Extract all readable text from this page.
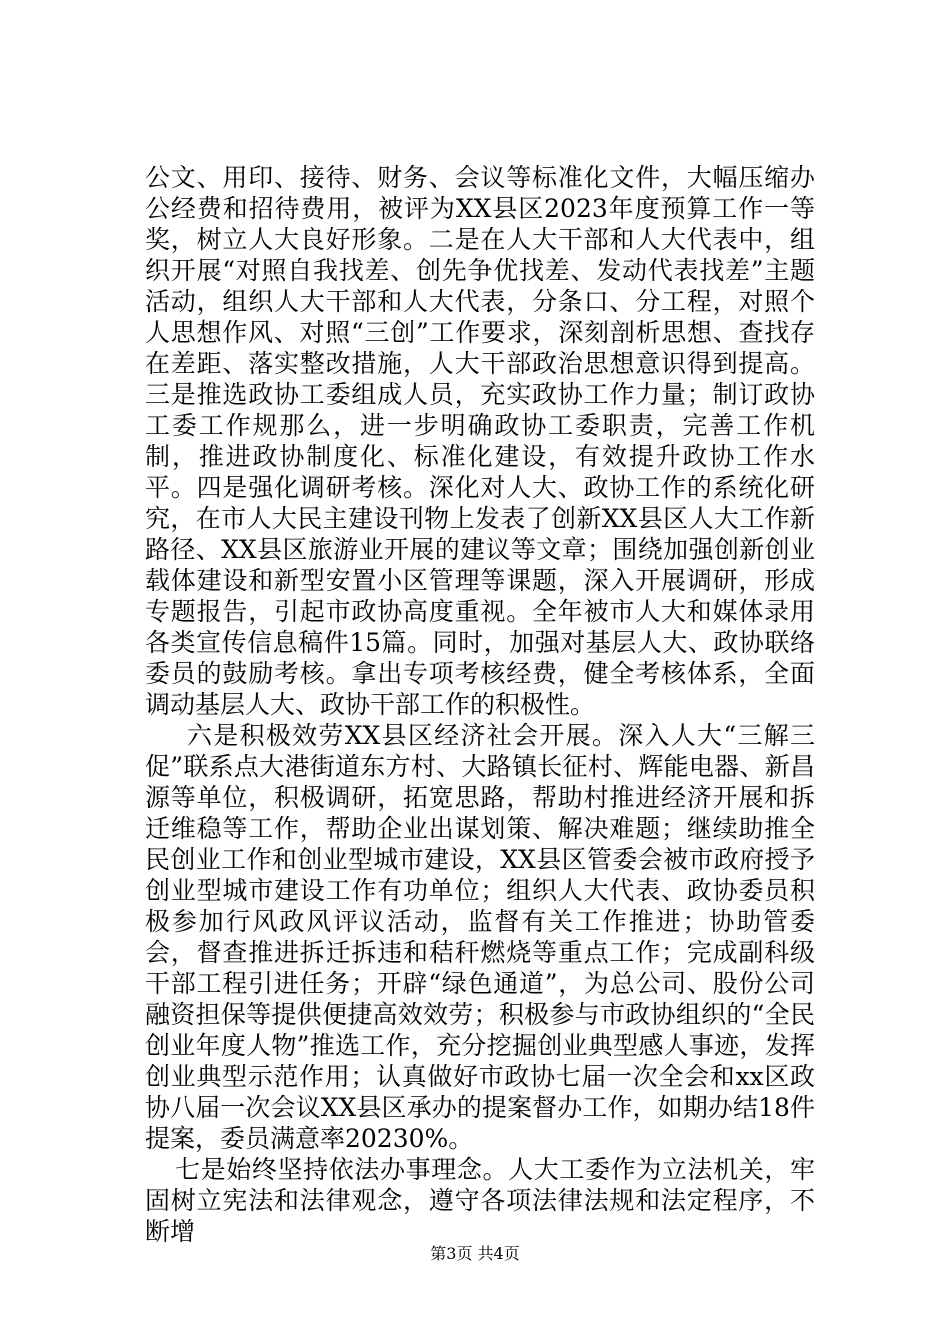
公文、用印、接待、财务、会议等标准化文件，大幅压缩办公经费和招待费用，被评为XX县区2023年度预算工作一等奖，树立人大良好形象。二是在人大干部和人大代表中，组织开展“对照自我找差、创先争优找差、发动代表找差”主题活动，组织人大干部和人大代表，分条口、分工程，对照个人思想作风、对照“三创”工作要求，深刻剖析思想、查找存在差距、落实整改措施，人大干部政治思想意识得到提高。三是推选政协工委组成人员，充实政协工作力量；制订政协工委工作规那么，进一步明确政协工委职责，完善工作机制，推进政协制度化、标准化建设，有效提升政协工作水平。四是强化调研考核。深化对人大、政协工作的系统化研究，在市人大民主建设刊物上发表了创新XX县区人大工作新路径、XX县区旅游业开展的建议等文章；围绕加强创新创业载体建设和新型安置小区管理等课题，深入开展调研，形成专题报告，引起市政协高度重视。全年被市人大和媒体录用各类宣传信息稿件15篇。同时，加强对基层人大、政协联络委员的鼓励考核。拿出专项考核经费，健全考核体系，全面调动基层人大、政协干部工作的积极性。

六是积极效劳XX县区经济社会开展。深入人大“三解三促”联系点大港街道东方村、大路镇长征村、辉能电器、新昌源等单位，积极调研，拓宽思路，帮助村推进经济开展和拆迁维稳等工作，帮助企业出谋划策、解决难题；继续助推全民创业工作和创业型城市建设，XX县区管委会被市政府授予创业型城市建设工作有功单位；组织人大代表、政协委员积极参加行风政风评议活动，监督有关工作推进；协助管委会，督查推进拆迁拆违和秸秆燃烧等重点工作；完成副科级干部工程引进任务；开辟“绿色通道”，为总公司、股份公司融资担保等提供便捷高效效劳；积极参与市政协组织的“全民创业年度人物”推选工作，充分挖掘创业典型感人事迹，发挥创业典型示范作用；认真做好市政协七届一次全会和xx区政协八届一次会议XX县区承办的提案督办工作，如期办结18件提案，委员满意率20230%。

七是始终坚持依法办事理念。人大工委作为立法机关，牢固树立宪法和法律观念，遵守各项法律法规和法定程序，不断增

第3页 共4页
